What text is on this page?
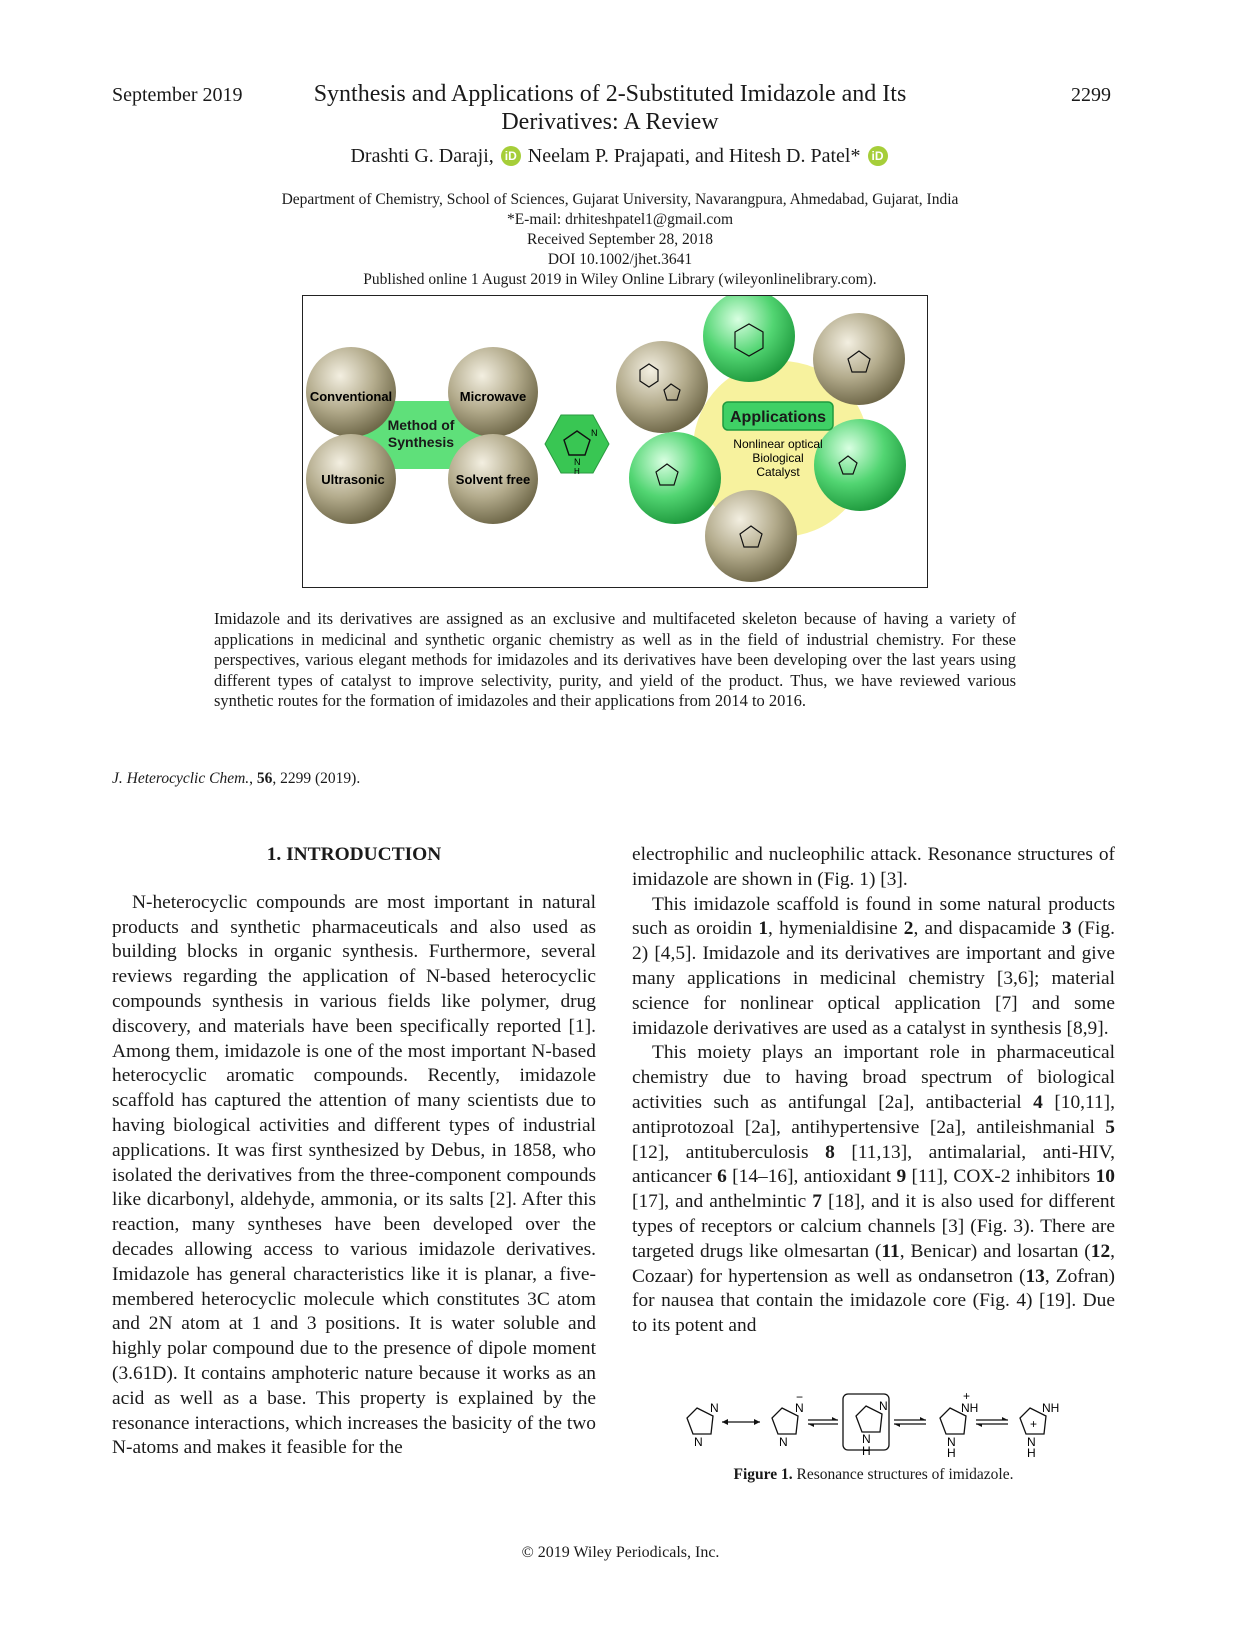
September 2019	2299
Synthesis and Applications of 2-Substituted Imidazole and Its
Derivatives: A Review
Drashti G. Daraji, iD Neelam P. Prajapati, and Hitesh D. Patel* iD
Department of Chemistry, School of Sciences, Gujarat University, Navarangpura, Ahmedabad, Gujarat, India
*E-mail: drhiteshpatel1@gmail.com
Received September 28, 2018
DOI 10.1002/jhet.3641
Published online 1 August 2019 in Wiley Online Library (wileyonlinelibrary.com).
Conventional	Microwave
Ultrasonic	Solvent free
Method of
Synthesis
N
N
H
Applications
Nonlinear optical
Biological
Catalyst
Imidazole and its derivatives are assigned as an exclusive and multifaceted skeleton because of having a variety of applications in medicinal and synthetic organic chemistry as well as in the field of industrial chemistry. For these perspectives, various elegant methods for imidazoles and its derivatives have been developing over the last years using different types of catalyst to improve selectivity, purity, and yield of the product. Thus, we have reviewed various synthetic routes for the formation of imidazoles and their applications from 2014 to 2016.
J. Heterocyclic Chem., 56, 2299 (2019).
1. INTRODUCTION

N-heterocyclic compounds are most important in natural products and synthetic pharmaceuticals and also used as building blocks in organic synthesis. Furthermore, several reviews regarding the application of N-based heterocyclic compounds synthesis in various fields like polymer, drug discovery, and materials have been specifically reported [1]. Among them, imidazole is one of the most important N-based heterocyclic aromatic compounds. Recently, imidazole scaffold has captured the attention of many scientists due to having biological activities and different types of industrial applications. It was first synthesized by Debus, in 1858, who isolated the derivatives from the three-component compounds like dicarbonyl, aldehyde, ammonia, or its salts [2]. After this reaction, many syntheses have been developed over the decades allowing access to various imidazole derivatives. Imidazole has general characteristics like it is planar, a five-membered heterocyclic molecule which constitutes 3C atom and 2N atom at 1 and 3 positions. It is water soluble and highly polar compound due to the presence of dipole moment (3.61D). It contains amphoteric nature because it works as an acid as well as a base. This property is explained by the resonance interactions, which increases the basicity of the two N-atoms and makes it feasible for the

electrophilic and nucleophilic attack. Resonance structures of imidazole are shown in (Fig. 1) [3].

This imidazole scaffold is found in some natural products such as oroidin 1, hymenialdisine 2, and dispacamide 3 (Fig. 2) [4,5]. Imidazole and its derivatives are important and give many applications in medicinal chemistry [3,6]; material science for nonlinear optical application [7] and some imidazole derivatives are used as a catalyst in synthesis [8,9].

This moiety plays an important role in pharmaceutical chemistry due to having broad spectrum of biological activities such as antifungal [2a], antibacterial 4 [10,11], antiprotozoal [2a], antihypertensive [2a], antileishmanial 5 [12], antituberculosis 8 [11,13], antimalarial, anti-HIV, anticancer 6 [14–16], antioxidant 9 [11], COX-2 inhibitors 10 [17], and anthelmintic 7 [18], and it is also used for different types of receptors or calcium channels [3] (Fig. 3). There are targeted drugs like olmesartan (11, Benicar) and losartan (12, Cozaar) for hypertension as well as ondansetron (13, Zofran) for nausea that contain the imidazole core (Fig. 4) [19]. Due to its potent and

N
N
N
−
N
N
N
H
NH
+
N
H
NH
+
N
H
Figure 1. Resonance structures of imidazole.
© 2019 Wiley Periodicals, Inc.
